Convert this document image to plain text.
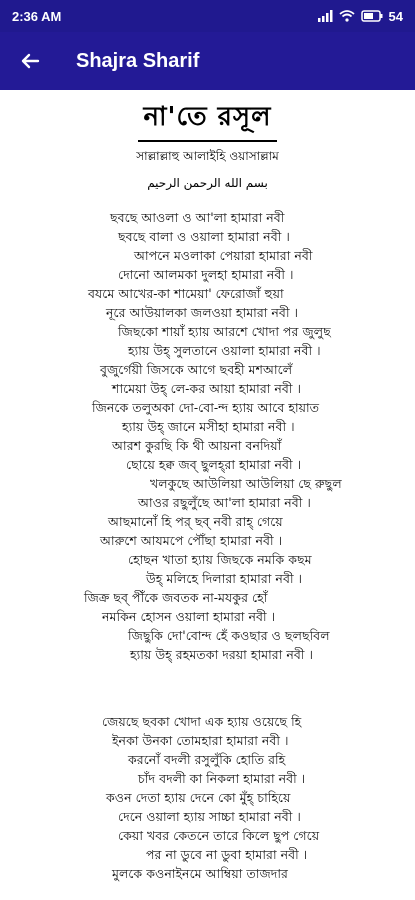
2:36 AM	54
Shajra Sharif
না'তে রসূল
সাল্লাল্লাহু আলাইহি ওয়াসাল্লাম
بسم الله الرحمن الرحيم
ছবছে আওলা ও আ'লা হামারা নবী
ছবছে বালা ও ওয়ালা হামারা নবী ।
আপনে মওলাকা পেয়ারা হামারা নবী
দোনো আলমকা দুলহা হামারা নবী ।
বযমে আখের-কা শামেয়া' ফেরোজাঁ হুয়া
নূরে আউয়ালকা জলওয়া হামারা নবী ।
জিছকো শায়াঁ হ্যায় আরশে খোদা পর জুলুছ
হ্যায় উহ্‌ সুলতানে ওয়ালা হামারা নবী ।
বুজুর্গেয়ী জিসকে আগে ছবহী মশআলেঁ
শামেয়া উহ্‌ লে-কর আয়া হামারা নবী ।
জিনকে তলুঅকা দো-বো-ন্দ হ্যায় আবে হায়াত
হ্যায় উহ্‌ জানে মসীহা হামারা নবী ।
আরশ কুরছি কি থী আয়না বনদিয়াঁ
ছোয়ে হক্ব জব্‌ ছুলহ্‌রা হামারা নবী ।
খলকুছে আউলিয়া আউলিয়া ছে রুছুল
আওর রছুলুঁছে আ'লা হামারা নবী ।
আছমানোঁ হি পর্‌ ছব্‌ নবী রাহ্‌ গেয়ে
আরুশে আযমপে পৌঁছা হামারা নবী ।
হোছন খাতা হ্যায় জিছকে নমকি কছম
উহ্‌ মলিহে দিলারা হামারা নবী ।
জিক্র ছব্‌ পীঁকে জবতক না-মযকুর হোঁ
নমকিন হোসন ওয়ালা হামারা নবী ।
জিছুকি দো'বোন্দ হেঁ কওছার ও ছলছবিল
হ্যায় উহ্‌ রহমতকা দরয়া হামারা নবী ।
জেয়ছে ছবকা খোদা এক হ্যায় ওয়েছে হি
ইনকা উনকা তোমহারা হামারা নবী ।
করনোঁ বদলী রসুলুঁকি হোতি রহি
চাঁদ বদলী কা নিকলা হামারা নবী ।
কওন দেতা হ্যায় দেনে কো মুঁহ্‌ চাহিয়ে
দেনে ওয়ালা হ্যায় সাচ্চা হামারা নবী ।
কেয়া খবর কেতনে তারে কিলে ছুপ গেয়ে
পর না ডুবে না ডুবা হামারা নবী ।
মুলকে কওনাইনমে আম্বিয়া তাজদার
